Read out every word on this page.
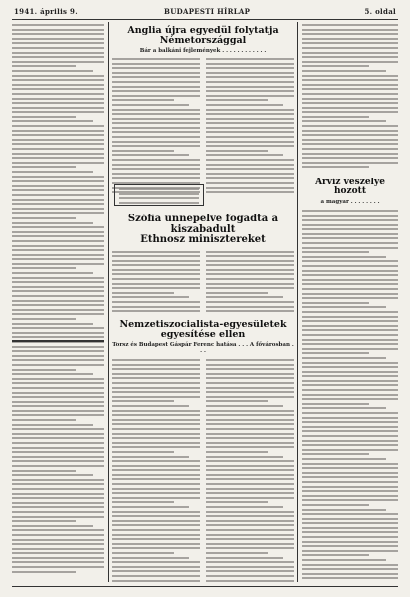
1941. április 9.	BUDAPESTI HÍRLAP	5. oldal
Anglia újra egyedül folytatja Németországgal
Bár a balkáni fejlemények . . . . . . . . . . . .
Szófia ünnepelve fogadta a kiszabadult
Ethnosz minisztereket
Nemzetiszocialista-egyesületek egyesítése ellen
Torsz és Budapest Gáspár Ferenc hatása . . . A fővárosban . . .
Árvíz veszélye hozott
a magyar . . . . . . . .
